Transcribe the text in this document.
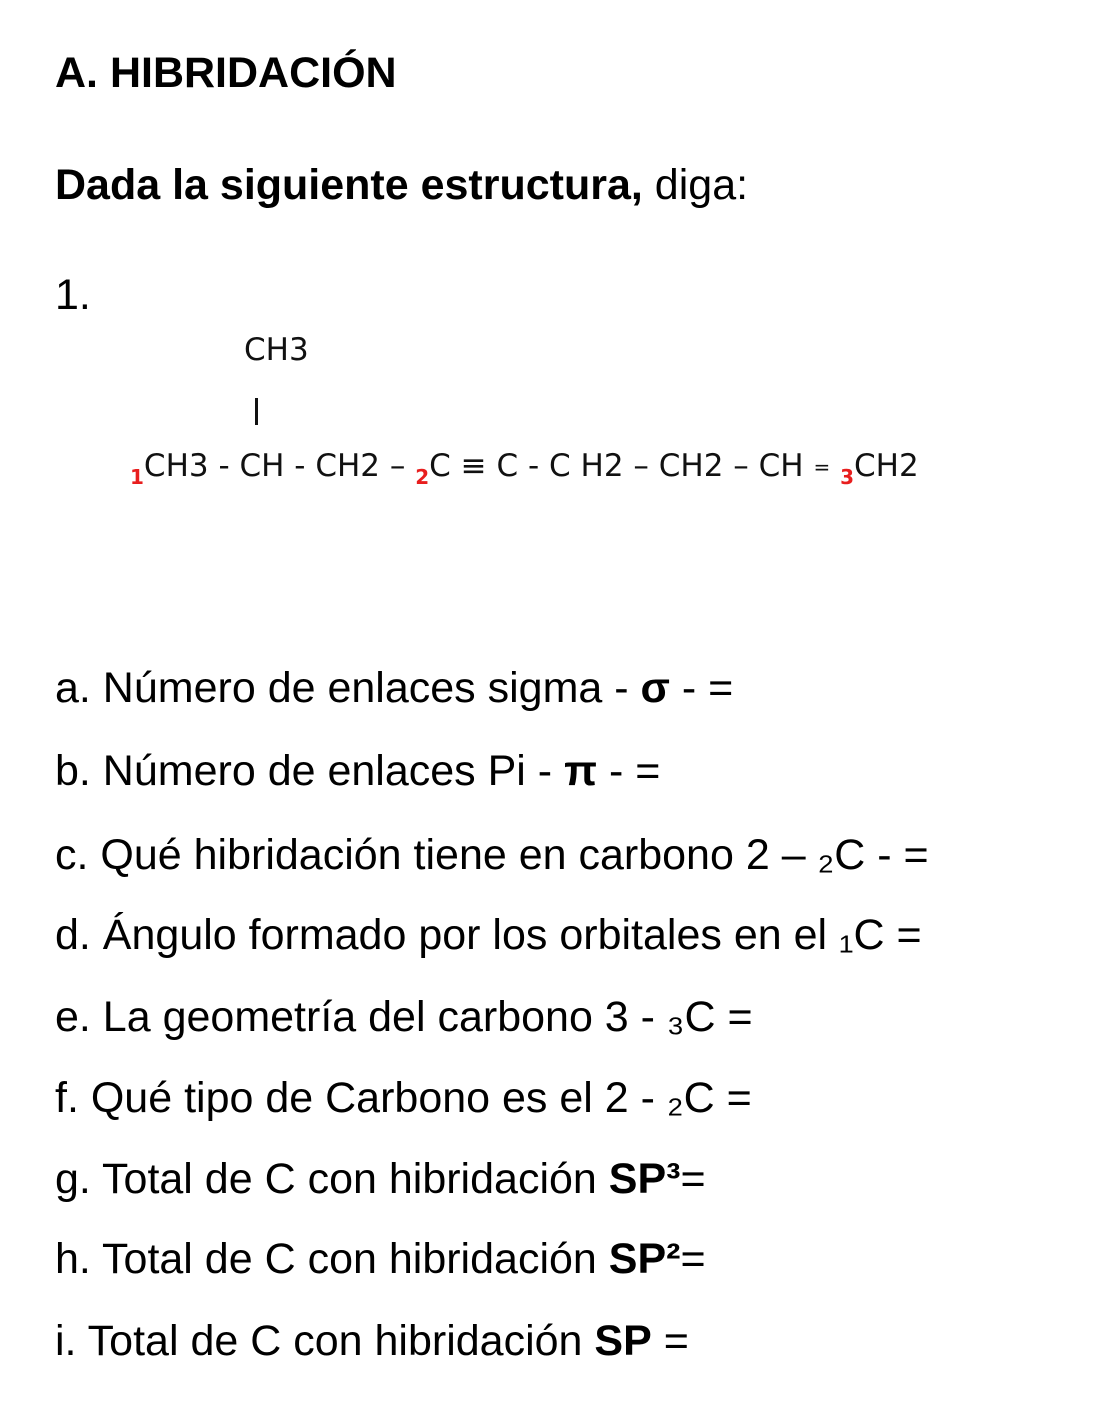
A. HIBRIDACIÓN
Dada la siguiente estructura, diga:
1.
CH3
1CH3 - CH - CH2 – 2C ≡ C - C H2 – CH2 – CH = 3CH2
a. Número de enlaces sigma - σ - =
b. Número de enlaces Pi - π - =
c. Qué hibridación tiene en carbono 2 – ₂C - =
d. Ángulo formado por los orbitales en el ₁C =
e. La geometría del carbono 3 - ₃C =
f. Qué tipo de Carbono es el 2 - ₂C =
g. Total de C con hibridación SP³=
h. Total de C con hibridación SP²=
i. Total de C con hibridación SP =
